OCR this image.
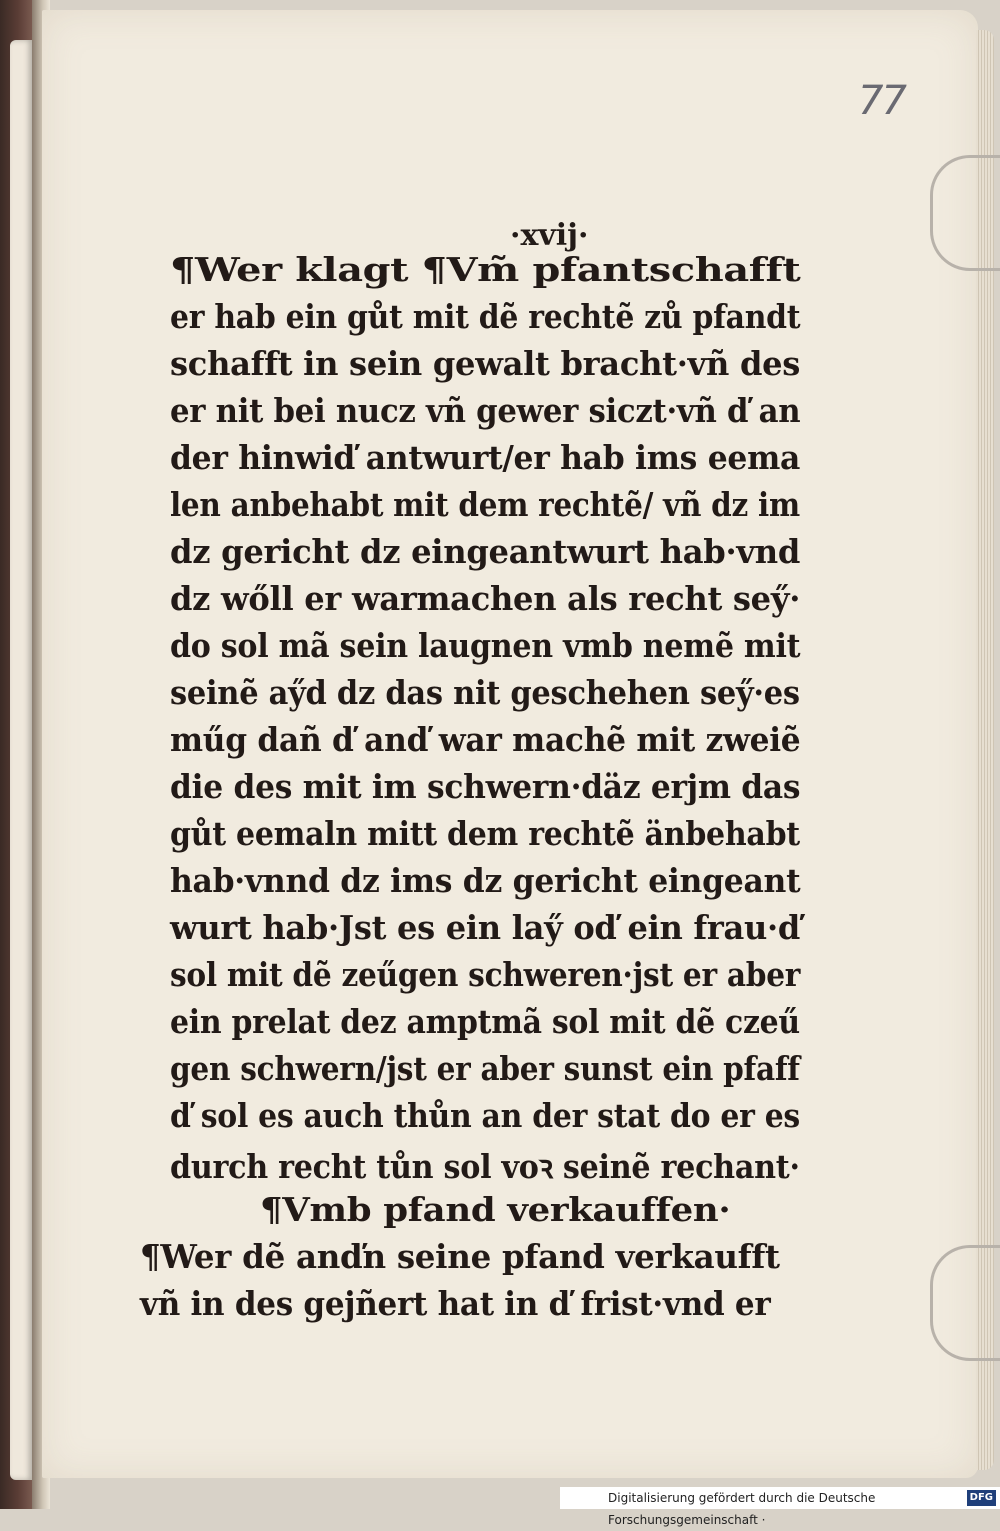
77
·xvij·
¶Wer klagt ¶Vm̃ pfantschafft
er hab ein gůt mit dẽ rechtẽ zů pfandt
schafft in sein gewalt bracht·vñ des
er nit bei nucz vñ gewer siczt·vñ ď an
der hinwiď antwurt/er hab ims eema
len anbehabt mit dem rechtẽ/ vñ dz im
dz gericht dz eingeantwurt hab·vnd
dz wőll er warmachen als recht sey̋·
do sol mã sein laugnen vmb nemẽ mit
seinẽ ay̋d dz das nit geschehen sey̋·es
műg dañ ď anď war machẽ mit zweiẽ
die des mit im schwern·däz erjm das
gůt eemaln mitt dem rechtẽ änbehabt
hab·vnnd dz ims dz gericht eingeant
wurt hab·Jst es ein lay̋ oď ein frau·ď
sol mit dẽ zeűgen schweren·jst er aber
ein prelat dez amptmã sol mit dẽ czeű
gen schwern/jst er aber sunst ein pfaff
ď sol es auch thůn an der stat do er es
durch recht tůn sol voꝛ seinẽ rechant·
¶Vmb pfand verkauffen·
¶Wer dẽ anďn seine pfand verkaufft
vñ in des gejñert hat in ď frist·vnd er
Digitalisierung gefördert durch die Deutsche Forschungsgemeinschaft ·
DFG
